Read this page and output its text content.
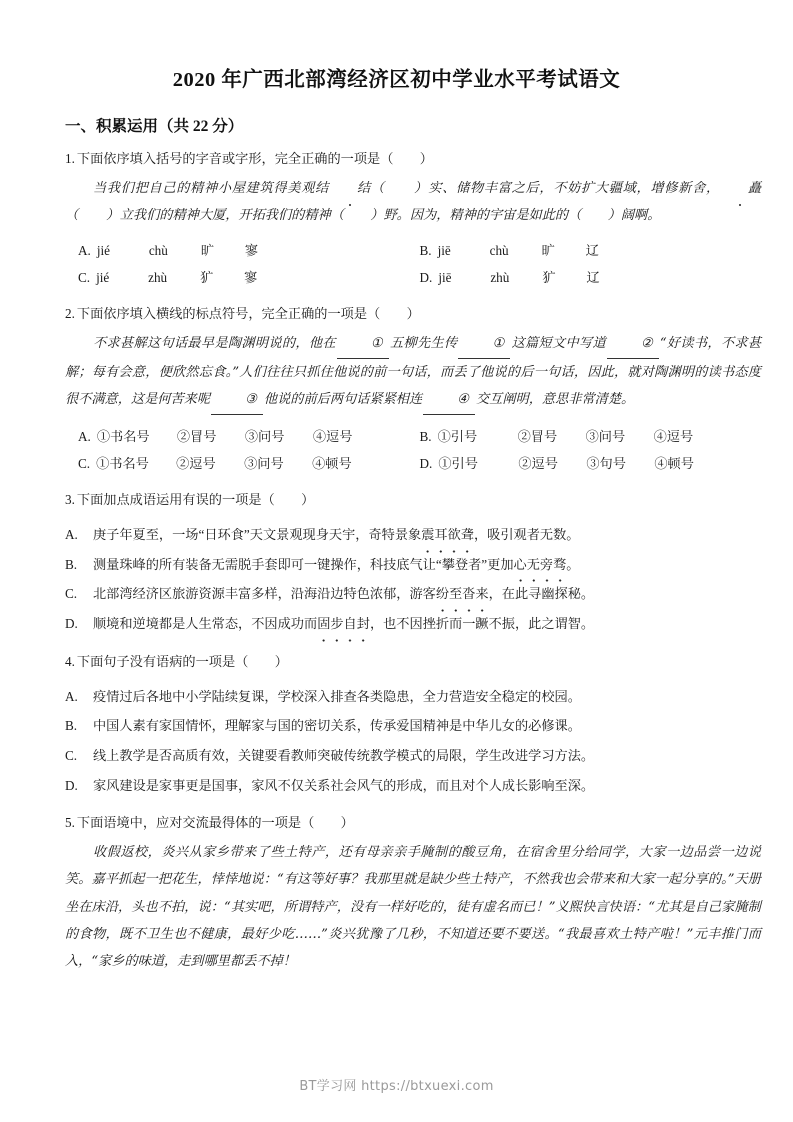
2020 年广西北部湾经济区初中学业水平考试语文
一、积累运用（共 22 分）
1. 下面依序填入括号的字音或字形，完全正确的一项是（　　）
当我们把自己的精神小屋建筑得美观结 结（　　）实、储物丰富之后，不妨扩大疆域，增修新舍， 矗（　　）立我们的精神大厦，开拓我们的精神（　　）野。因为，精神的宇宙是如此的（　　）阔啊。
A. jié	chù 旷 寥	B. jiē	chù 旷 辽
C. jié	zhù 犷 寥	D. jiē	zhù 犷 辽
2. 下面依序填入横线的标点符号，完全正确的一项是（　　）
不求甚解这句话最早是陶渊明说的，他在	① 五柳先生传	① 这篇短文中写道	② “好读书，不求甚解；每有会意，便欣然忘食。”人们往往只抓住他说的前一句话，而丢了他说的后一句话，因此，就对陶渊明的读书态度很不满意，这是何苦来呢	③ 他说的前后两句话紧紧相连	④ 交互阐明，意思非常清楚。
A. ①书名号 ②冒号 ③问号 ④逗号	B. ①引号	②冒号 ③问号 ④逗号
C. ①书名号 ②逗号 ③问号 ④顿号	D. ①引号	②逗号 ③句号 ④顿号
3. 下面加点成语运用有误的一项是（　　）
A. 庚子年夏至，一场“日环食”天文景观现身天宇，奇特景象震耳欲聋，吸引观者无数。
B. 测量珠峰的所有装备无需脱手套即可一键操作，科技底气让“攀登者”更加心无旁骛。
C. 北部湾经济区旅游资源丰富多样，沿海沿边特色浓郁，游客纷至沓来，在此寻幽探秘。
D. 顺境和逆境都是人生常态，不因成功而固步自封，也不因挫折而一蹶不振，此之谓智。
4. 下面句子没有语病的一项是（　　）
A. 疫情过后各地中小学陆续复课，学校深入排查各类隐患，全力营造安全稳定的校园。
B. 中国人素有家国情怀，理解家与国的密切关系，传承爱国精神是中华儿女的必修课。
C. 线上教学是否高质有效，关键要看教师突破传统教学模式的局限，学生改进学习方法。
D. 家风建设是家事更是国事，家风不仅关系社会风气的形成，而且对个人成长影响至深。
5. 下面语境中，应对交流最得体的一项是（　　）
收假返校，炎兴从家乡带来了些土特产，还有母亲亲手腌制的酸豆角，在宿舍里分给同学，大家一边品尝一边说笑。嘉平抓起一把花生，悻悻地说：“有这等好事？我那里就是缺少些土特产，不然我也会带来和大家一起分享的。”天册坐在床沿，头也不拍，说：“其实吧，所谓特产，没有一样好吃的，徒有虚名而已！”义熙快言快语：“尤其是自己家腌制的食物，既不卫生也不健康，最好少吃……”炎兴犹豫了几秒，不知道还要不要送。“我最喜欢土特产啦！”元丰推门而入，“家乡的味道，走到哪里都丢不掉！
BT学习网 https://btxuexi.com
